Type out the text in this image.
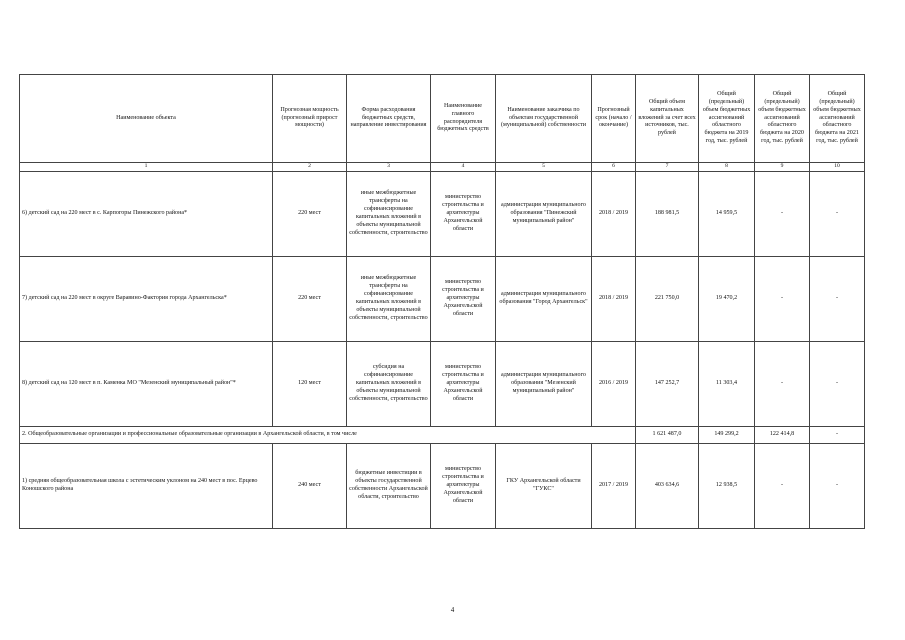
Наименование объекта	Прогнозная мощность (прогнозный прирост мощности)	Форма расходования бюджетных средств, направление инвестирования	Наименование главного распорядителя бюджетных средств	Наименование заказчика по объектам государственной (муниципальной) собственности	Прогнозный срок (начало / окончание)	Общий объем капитальных вложений за счет всех источников, тыс. рублей	Общий (предельный) объем бюджетных ассигнований областного бюджета на 2019 год, тыс. рублей	Общий (предельный) объем бюджетных ассигнований областного бюджета на 2020 год, тыс. рублей	Общий (предельный) объем бюджетных ассигнований областного бюджета на 2021 год, тыс. рублей
1	2	3	4	5	6	7	8	9	10
6) детский сад на 220 мест в с. Карпогоры Пинежского района*	220 мест	иные межбюджетные трансферты на софинансирование капитальных вложений в объекты муниципальной собственности, строительство	министерство строительства и архитектуры Архангельской области	администрация муниципального образования "Пинежский муниципальный район"	2018 / 2019	188 981,5	14 959,5	-	-
7) детский сад на 220 мест в округе Варавино-Фактория города Архангельска*	220 мест	иные межбюджетные трансферты на софинансирование капитальных вложений в объекты муниципальной собственности, строительство	министерство строительства и архитектуры Архангельской области	администрация муниципального образования "Город Архангельск"	2018 / 2019	221 750,0	19 470,2	-	-
8) детский сад на 120 мест в п. Каменка МО "Мезенский муниципальный район"*	120 мест	субсидия на софинансирование капитальных вложений в объекты муниципальной собственности, строительство	министерство строительства и архитектуры Архангельской области	администрация муниципального образования "Мезенский муниципальный район"	2016 / 2019	147 252,7	11 303,4	-	-
2. Общеобразовательные организации и профессиональные образовательные организации в Архангельской области, в том числе						1 621 487,0	149 299,2	122 414,8	-
1) средняя общеобразовательная школа с эстетическим уклоном на 240 мест в пос. Ерцево Коношского района	240 мест	бюджетные инвестиции в объекты государственной собственности Архангельской области, строительство	министерство строительства и архитектуры Архангельской области	ГКУ Архангельской области "ГУКС"	2017 / 2019	403 634,6	12 938,5	-	-
4
